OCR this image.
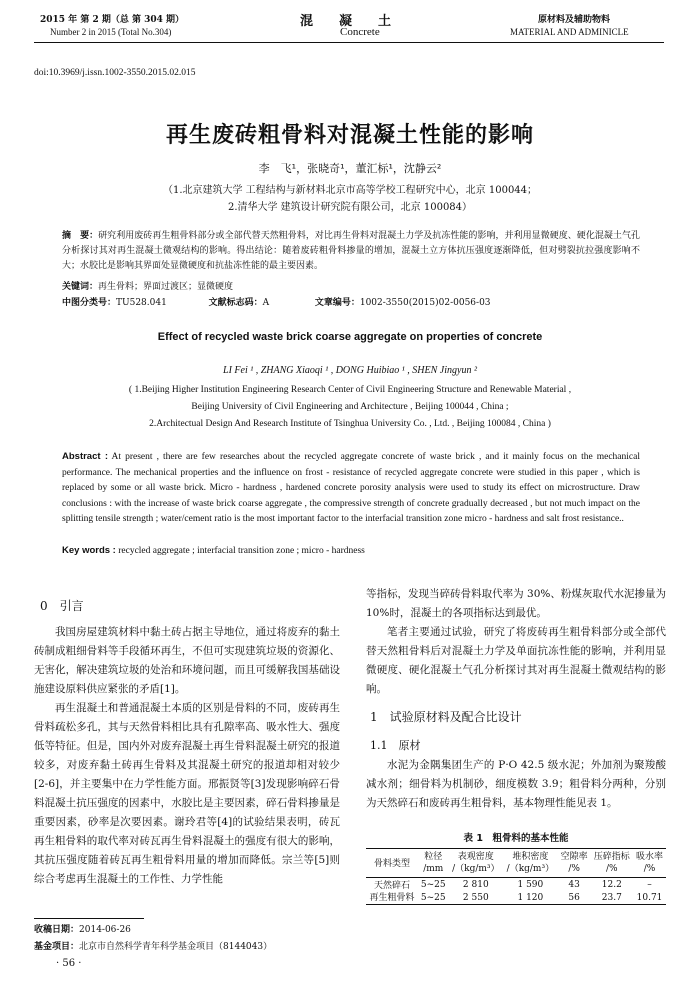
2015 年 第 2 期（总 第 304 期）
Number 2 in 2015 (Total No.304)
混　　凝　　土
Concrete
原材料及辅助物料
MATERIAL AND ADMINICLE
doi:10.3969/j.issn.1002-3550.2015.02.015
再生废砖粗骨料对混凝土性能的影响
李　飞¹，张晓奇¹，董汇标¹，沈静云²
（1.北京建筑大学 工程结构与新材料北京市高等学校工程研究中心，北京 100044；
2.清华大学 建筑设计研究院有限公司，北京 100084）
摘　要：研究利用废砖再生粗骨料部分或全部代替天然粗骨料，对比再生骨料对混凝土力学及抗冻性能的影响，并利用显微硬度、硬化混凝土气孔分析探讨其对再生混凝土微观结构的影响。得出结论：随着废砖粗骨料掺量的增加，混凝土立方体抗压强度逐渐降低，但对劈裂抗拉强度影响不大；水胶比是影响其界面处显微硬度和抗盐冻性能的最主要因素。
关键词：再生骨料；界面过渡区；显微硬度
中图分类号：TU528.041	文献标志码：A	文章编号：1002-3550(2015)02-0056-03
Effect of recycled waste brick coarse aggregate on properties of concrete
LI Fei ¹ , ZHANG Xiaoqi ¹ , DONG Huibiao ¹ , SHEN Jingyun ²
( 1.Beijing Higher Institution Engineering Research Center of Civil Engineering Structure and Renewable Material ,
Beijing University of Civil Engineering and Architecture , Beijing 100044 , China ;
2.Architectual Design And Research Institute of Tsinghua University Co. , Ltd. , Beijing 100084 , China )
Abstract : At present , there are few researches about the recycled aggregate concrete of waste brick , and it mainly focus on the mechanical performance. The mechanical properties and the influence on frost - resistance of recycled aggregate concrete were studied in this paper , which is replaced by some or all waste brick. Micro - hardness , hardened concrete porosity analysis were used to study its effect on microstructure. Draw conclusions : with the increase of waste brick coarse aggregate , the compressive strength of concrete gradually decreased , but not much impact on the splitting tensile strength ; water/cement ratio is the most important factor to the interfacial transition zone micro - hardness and salt frost resistance..
Key words : recycled aggregate ; interfacial transition zone ; micro - hardness
0　引言
我国房屋建筑材料中黏土砖占据主导地位，通过将废弃的黏土砖制成粗细骨料等手段循环再生，不但可实现建筑垃圾的资源化、无害化，解决建筑垃圾的处治和环境问题，而且可缓解我国基础设施建设原料供应紧张的矛盾[1]。
再生混凝土和普通混凝土本质的区别是骨料的不同，废砖再生骨料疏松多孔，其与天然骨料相比具有孔隙率高、吸水性大、强度低等特征。但是，国内外对废弃混凝土再生骨料混凝土研究的报道较多，对废弃黏土砖再生骨料及其混凝土研究的报道却相对较少[2-6]，并主要集中在力学性能方面。邢振贤等[3]发现影响碎石骨料混凝土抗压强度的因素中，水胶比是主要因素，碎石骨料掺量是重要因素，砂率是次要因素。谢玲君等[4]的试验结果表明，砖瓦再生粗骨料的取代率对砖瓦再生骨料混凝土的强度有很大的影响，其抗压强度随着砖瓦再生粗骨料用量的增加而降低。宗兰等[5]则综合考虑再生混凝土的工作性、力学性能
收稿日期：2014-06-26
基金项目：北京市自然科学青年科学基金项目（8144043）
· 56 ·
等指标，发现当碎砖骨料取代率为 30%、粉煤灰取代水泥掺量为 10%时，混凝土的各项指标达到最优。
笔者主要通过试验，研究了将废砖再生粗骨料部分或全部代替天然粗骨料后对混凝土力学及单面抗冻性能的影响，并利用显微硬度、硬化混凝土气孔分析探讨其对再生混凝土微观结构的影响。
1　试验原材料及配合比设计
1.1　原材
水泥为金隅集团生产的 P·O 42.5 级水泥；外加剂为聚羧酸减水剂；细骨料为机制砂，细度模数 3.9；粗骨料分两种，分别为天然碎石和废砖再生粗骨料，基本物理性能见表 1。
表 1　粗骨料的基本性能
骨料类型	粒径	表观密度	堆积密度	空隙率	压碎指标	吸水率
	/mm	/（kg/m³）	/（kg/m³）	/%	/%	/%
天然碎石	5~25	2 810	1 590	43	12.2	–
再生粗骨料	5~25	2 550	1 120	56	23.7	10.71
